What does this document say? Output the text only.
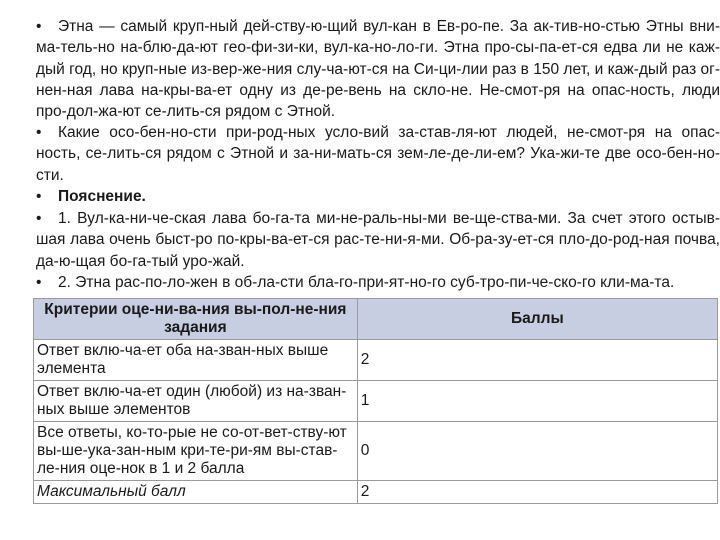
• Этна — самый круп-ный дей-ству-ю-щий вул-кан в Ев-ро-пе. За ак-тив-но-стью Этны вни-ма-тель-но на-блю-да-ют гео-фи-зи-ки, вул-ка-но-ло-ги. Этна про-сы-па-ет-ся едва ли не каж-дый год, но круп-ные из-вер-же-ния слу-ча-ют-ся на Си-ци-лии раз в 150 лет, и каж-дый раз ог-нен-ная лава на-кры-ва-ет одну из де-ре-вень на скло-не. Не-смот-ря на опас-ность, люди про-дол-жа-ют се-лить-ся рядом с Этной.

• Какие осо-бен-но-сти при-род-ных усло-вий за-став-ля-ют людей, не-смот-ря на опас-ность, се-лить-ся рядом с Этной и за-ни-мать-ся зем-ле-де-ли-ем? Ука-жи-те две осо-бен-но-сти.

• Пояснение.

• 1. Вул-ка-ни-че-ская лава бо-га-та ми-не-раль-ны-ми ве-ще-ства-ми. За счет этого остыв-шая лава очень быст-ро по-кры-ва-ет-ся рас-те-ни-я-ми. Об-ра-зу-ет-ся пло-до-род-ная почва, да-ю-щая бо-га-тый уро-жай.

• 2. Этна рас-по-ло-жен в об-ла-сти бла-го-при-ят-но-го суб-тро-пи-че-ско-го кли-ма-та.

Критерии оце-ни-ва-ния вы-пол-не-ния задания	Баллы
Ответ вклю-ча-ет оба на-зван-ных выше элемента	2
Ответ вклю-ча-ет один (любой) из на-зван-ных выше элементов	1
Все ответы, ко-то-рые не со-от-вет-ству-ют вы-ше-ука-зан-ным кри-те-ри-ям вы-став-ле-ния оце-нок в 1 и 2 балла	0
Максимальный балл	2
